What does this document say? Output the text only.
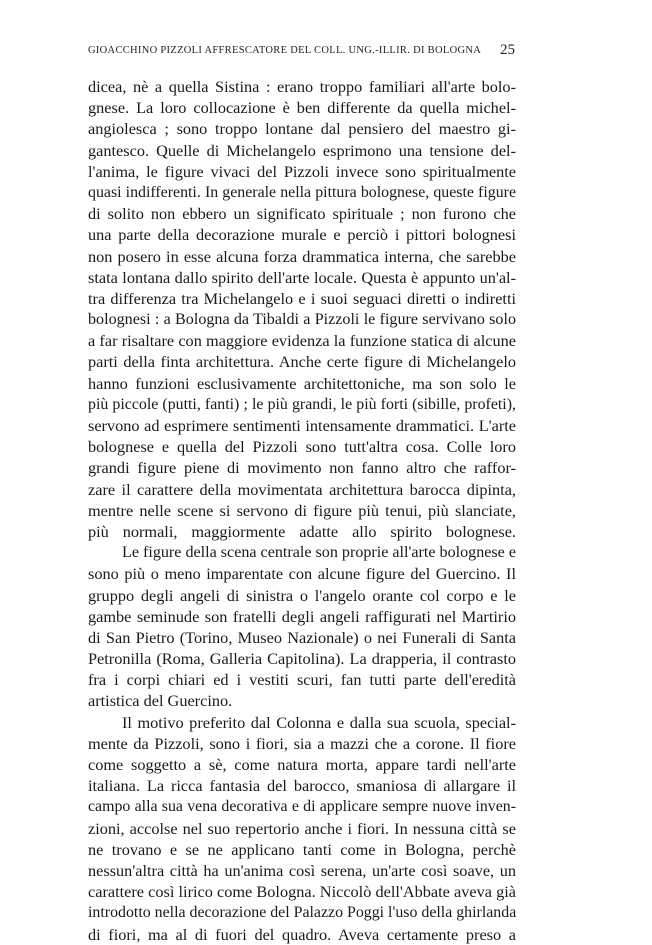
GIOACCHINO PIZZOLI AFFRESCATORE DEL COLL. UNG.-ILLIR. DI BOLOGNA	25
dicea, nè a quella Sistina : erano troppo familiari all'arte bolo-
gnese. La loro collocazione è ben differente da quella michel-
angiolesca ; sono troppo lontane dal pensiero del maestro gi-
gantesco. Quelle di Michelangelo esprimono una tensione del-
l'anima, le figure vivaci del Pizzoli invece sono spiritualmente
quasi indifferenti. In generale nella pittura bolognese, queste figure
di solito non ebbero un significato spirituale ; non furono che
una parte della decorazione murale e perciò i pittori bolognesi
non posero in esse alcuna forza drammatica interna, che sarebbe
stata lontana dallo spirito dell'arte locale. Questa è appunto un'al-
tra differenza tra Michelangelo e i suoi seguaci diretti o indiretti
bolognesi : a Bologna da Tibaldi a Pizzoli le figure servivano solo
a far risaltare con maggiore evidenza la funzione statica di alcune
parti della finta architettura. Anche certe figure di Michelangelo
hanno funzioni esclusivamente architettoniche, ma son solo le
più piccole (putti, fanti) ; le più grandi, le più forti (sibille, profeti),
servono ad esprimere sentimenti intensamente drammatici. L'arte
bolognese e quella del Pizzoli sono tutt'altra cosa. Colle loro
grandi figure piene di movimento non fanno altro che raffor-
zare il carattere della movimentata architettura barocca dipinta,
mentre nelle scene si servono di figure più tenui, più slanciate,
più normali, maggiormente adatte allo spirito bolognese.
Le figure della scena centrale son proprie all'arte bolognese e
sono più o meno imparentate con alcune figure del Guercino. Il
gruppo degli angeli di sinistra o l'angelo orante col corpo e le
gambe seminude son fratelli degli angeli raffigurati nel Martirio
di San Pietro (Torino, Museo Nazionale) o nei Funerali di Santa
Petronilla (Roma, Galleria Capitolina). La drapperia, il contrasto
fra i corpi chiari ed i vestiti scuri, fan tutti parte dell'eredità
artistica del Guercino.
Il motivo preferito dal Colonna e dalla sua scuola, special-
mente da Pizzoli, sono i fiori, sia a mazzi che a corone. Il fiore
come soggetto a sè, come natura morta, appare tardi nell'arte
italiana. La ricca fantasia del barocco, smaniosa di allargare il
campo alla sua vena decorativa e di applicare sempre nuove inven-
zioni, accolse nel suo repertorio anche i fiori. In nessuna città se
ne trovano e se ne applicano tanti come in Bologna, perchè
nessun'altra città ha un'anima così serena, un'arte così soave, un
carattere così lirico come Bologna. Niccolò dell'Abbate aveva già
introdotto nella decorazione del Palazzo Poggi l'uso della ghirlanda
di fiori, ma al di fuori del quadro. Aveva certamente preso a
